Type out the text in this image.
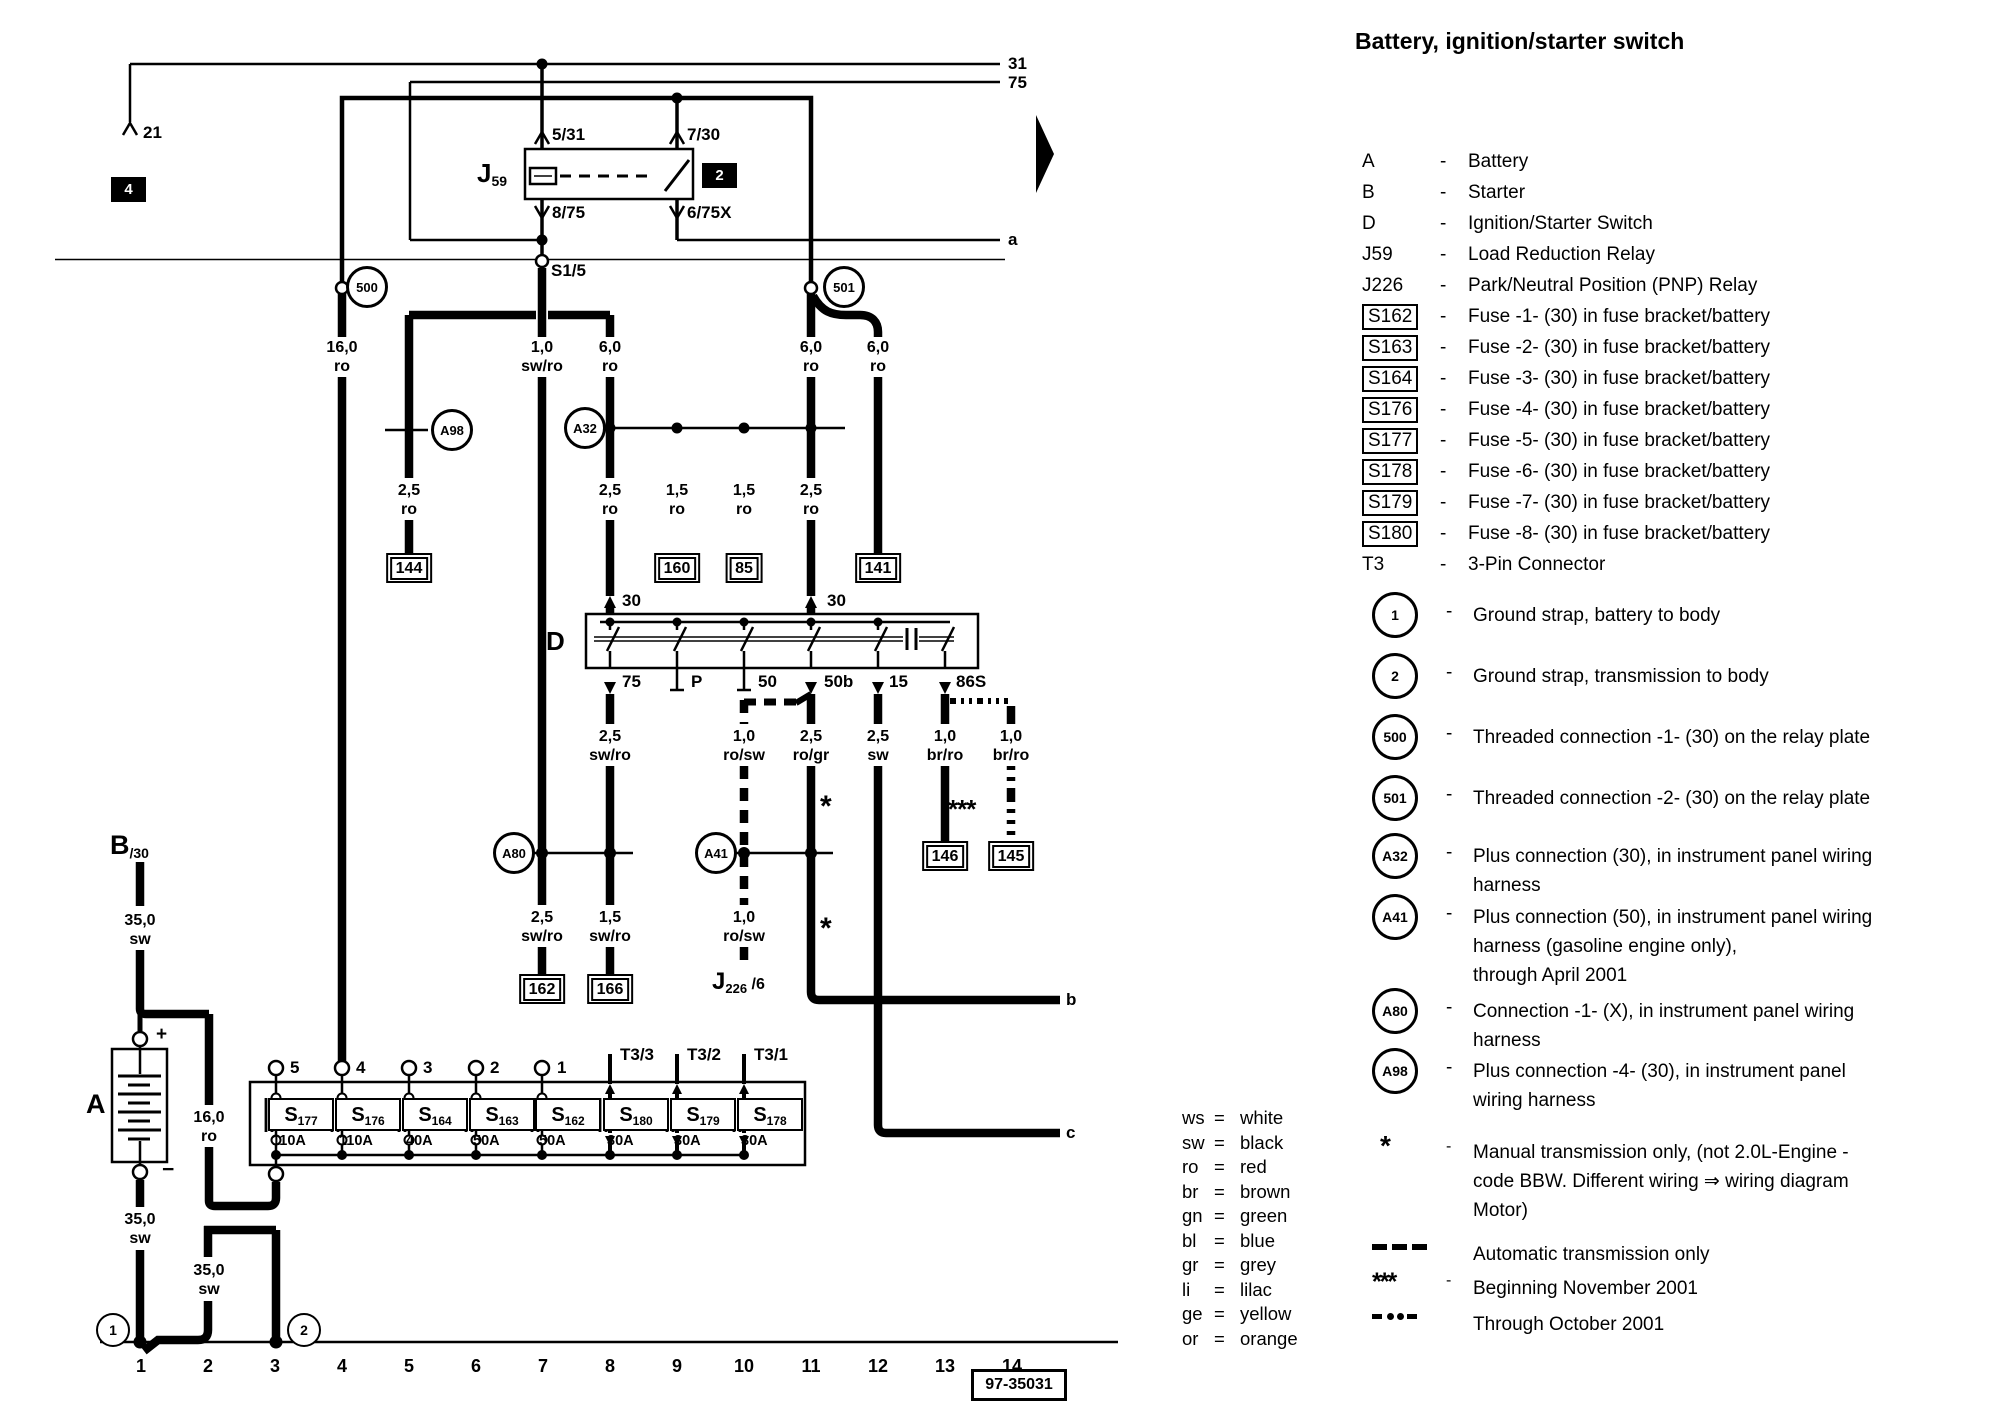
31
75
a
b
c
21
4
2
$J_{59}$
5/31	7/30
8/75	6/75X
S1/5
500	501
A98	A32
A80	A41
D
30	30
75	P	50	50b 15	86S
$J_{226}$ /6
*
*
***
16,0
ro
1,0
sw/ro
6,0
ro
6,0
ro
6,0
ro
2,5
ro
2,5
ro
1,5
ro
1,5
ro
2,5
ro
2,5
sw/ro
1,0
ro/sw
2,5
ro/gr
2,5
sw
1,0
br/ro
1,0
br/ro
2,5
sw/ro
1,5
sw/ro
1,0
ro/sw
35,0
sw
16,0
ro
35,0
sw
35,0
sw
144	160	85	141
162	166
146	145
A
$B_{/30}$
+
−
1	2
5	4	3	2	1
T3/3 T3/2 T3/1
$S_{177}$	$S_{176}$	$S_{164}$	$S_{163}$	$S_{162}$	$S_{180}$	$S_{179}$	$S_{178}$
110A 110A 40A	50A	50A	30A	30A	30A
1	2	3	4	5	6	7	8	9	10	11	12	13	14
97-35031
Battery, ignition/starter switch
A	-	Battery
B	-	Starter
D	-	Ignition/Starter Switch
J59	-	Load Reduction Relay
J226	-	Park/Neutral Position (PNP) Relay
S162	-	Fuse -1- (30) in fuse bracket/battery
S163	-	Fuse -2- (30) in fuse bracket/battery
S164	-	Fuse -3- (30) in fuse bracket/battery
S176	-	Fuse -4- (30) in fuse bracket/battery
S177	-	Fuse -5- (30) in fuse bracket/battery
S178	-	Fuse -6- (30) in fuse bracket/battery
S179	-	Fuse -7- (30) in fuse bracket/battery
S180	-	Fuse -8- (30) in fuse bracket/battery
T3	-	3-Pin Connector
1	- Ground strap, battery to body
2	- Ground strap, transmission to body
500	- Threaded connection -1- (30) on the relay plate
501	- Threaded connection -2- (30) on the relay plate
A32	- Plus connection (30), in instrument panel wiring
harness
A41	- Plus connection (50), in instrument panel wiring
harness (gasoline engine only),
through April 2001
A80	- Connection -1- (X), in instrument panel wiring
harness
A98	- Plus connection -4- (30), in instrument panel
wiring harness
*	- Manual transmission only, (not 2.0L-Engine -
code BBW. Different wiring ⇒ wiring diagram
Motor)
Automatic transmission only
***	- Beginning November 2001
Through October 2001
ws = white
sw = black
ro = red
br = brown
gn = green
bl = blue
gr = grey
li	= lilac
ge = yellow
or = orange
